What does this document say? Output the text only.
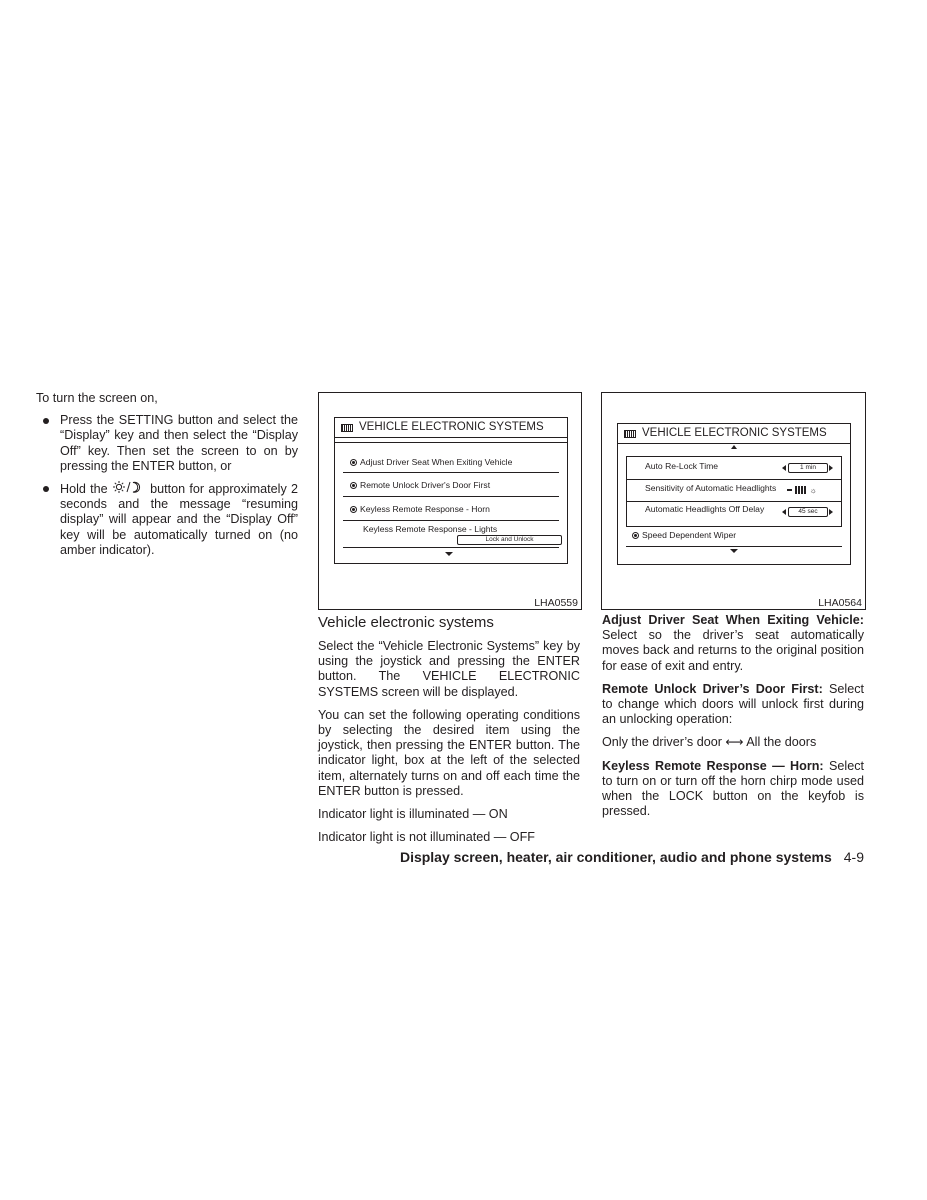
To turn the screen on,

Press the SETTING button and select the “Display” key and then select the “Display Off” key. Then set the screen to on by pressing the ENTER button, or
Hold the	button for approximately 2 seconds and the message “resuming display” will appear and the “Display Off” key will be automatically turned on (no amber indicator).
VEHICLE ELECTRONIC SYSTEMS
Adjust Driver Seat When Exiting Vehicle
Remote Unlock Driver's Door First
Keyless Remote Response - Horn
Keyless Remote Response - Lights
Lock and Unlock
LHA0559
VEHICLE ELECTRONIC SYSTEMS
Auto Re-Lock Time	1 min
Sensitivity of Automatic Headlights	☼
Automatic Headlights Off Delay	45 sec
Speed Dependent Wiper
LHA0564
Vehicle electronic systems

Select the “Vehicle Electronic Systems” key by using the joystick and pressing the ENTER button. The VEHICLE ELECTRONIC SYSTEMS screen will be displayed.

You can set the following operating conditions by selecting the desired item using the joystick, then pressing the ENTER button. The indicator light, box at the left of the selected item, alternately turns on and off each time the ENTER button is pressed.

Indicator light is illuminated — ON

Indicator light is not illuminated — OFF

Adjust Driver Seat When Exiting Vehicle: Select so the driver’s seat automatically moves back and returns to the original position for ease of exit and entry.

Remote Unlock Driver’s Door First: Select to change which doors will unlock first during an unlocking operation:

Only the driver’s door ⟷ All the doors

Keyless Remote Response — Horn: Select to turn on or turn off the horn chirp mode used when the LOCK button on the keyfob is pressed.

Display screen, heater, air conditioner, audio and phone systems 4-9
